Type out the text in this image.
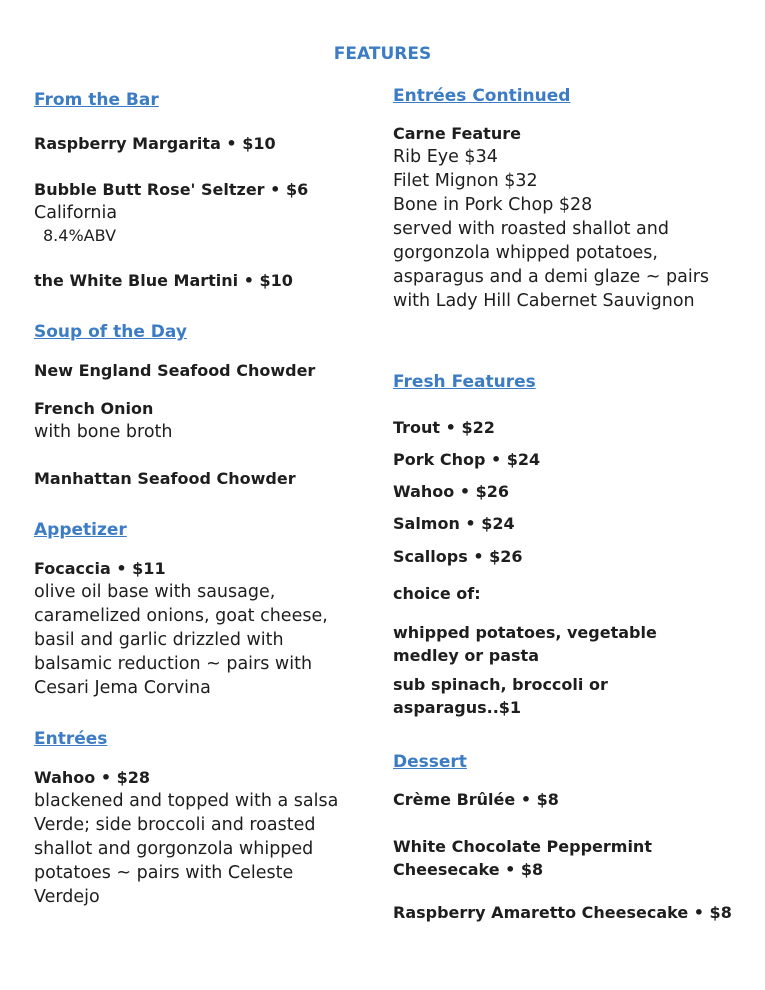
FEATURES
From the Bar
Raspberry Margarita • $10
Bubble Butt Rose' Seltzer • $6
California
8.4%ABV
the White Blue Martini • $10
Soup of the Day
New England Seafood Chowder
French Onion
with bone broth
Manhattan Seafood Chowder
Appetizer
Focaccia • $11
olive oil base with sausage, caramelized onions, goat cheese, basil and garlic drizzled with balsamic reduction ~ pairs with Cesari Jema Corvina
Entrées
Wahoo • $28
blackened and topped with a salsa Verde; side broccoli and roasted shallot and gorgonzola whipped potatoes ~ pairs with Celeste Verdejo
Entrées Continued
Carne Feature
Rib Eye $34
Filet Mignon $32
Bone in Pork Chop $28
served with roasted shallot and gorgonzola whipped potatoes, asparagus and a demi glaze ~ pairs with Lady Hill Cabernet Sauvignon
Fresh Features
Trout • $22
Pork Chop • $24
Wahoo • $26
Salmon • $24
Scallops • $26
choice of:
whipped potatoes, vegetable medley or pasta
sub spinach, broccoli or asparagus..$1
Dessert
Crème Brûlée • $8
White Chocolate Peppermint Cheesecake • $8
Raspberry Amaretto Cheesecake • $8
